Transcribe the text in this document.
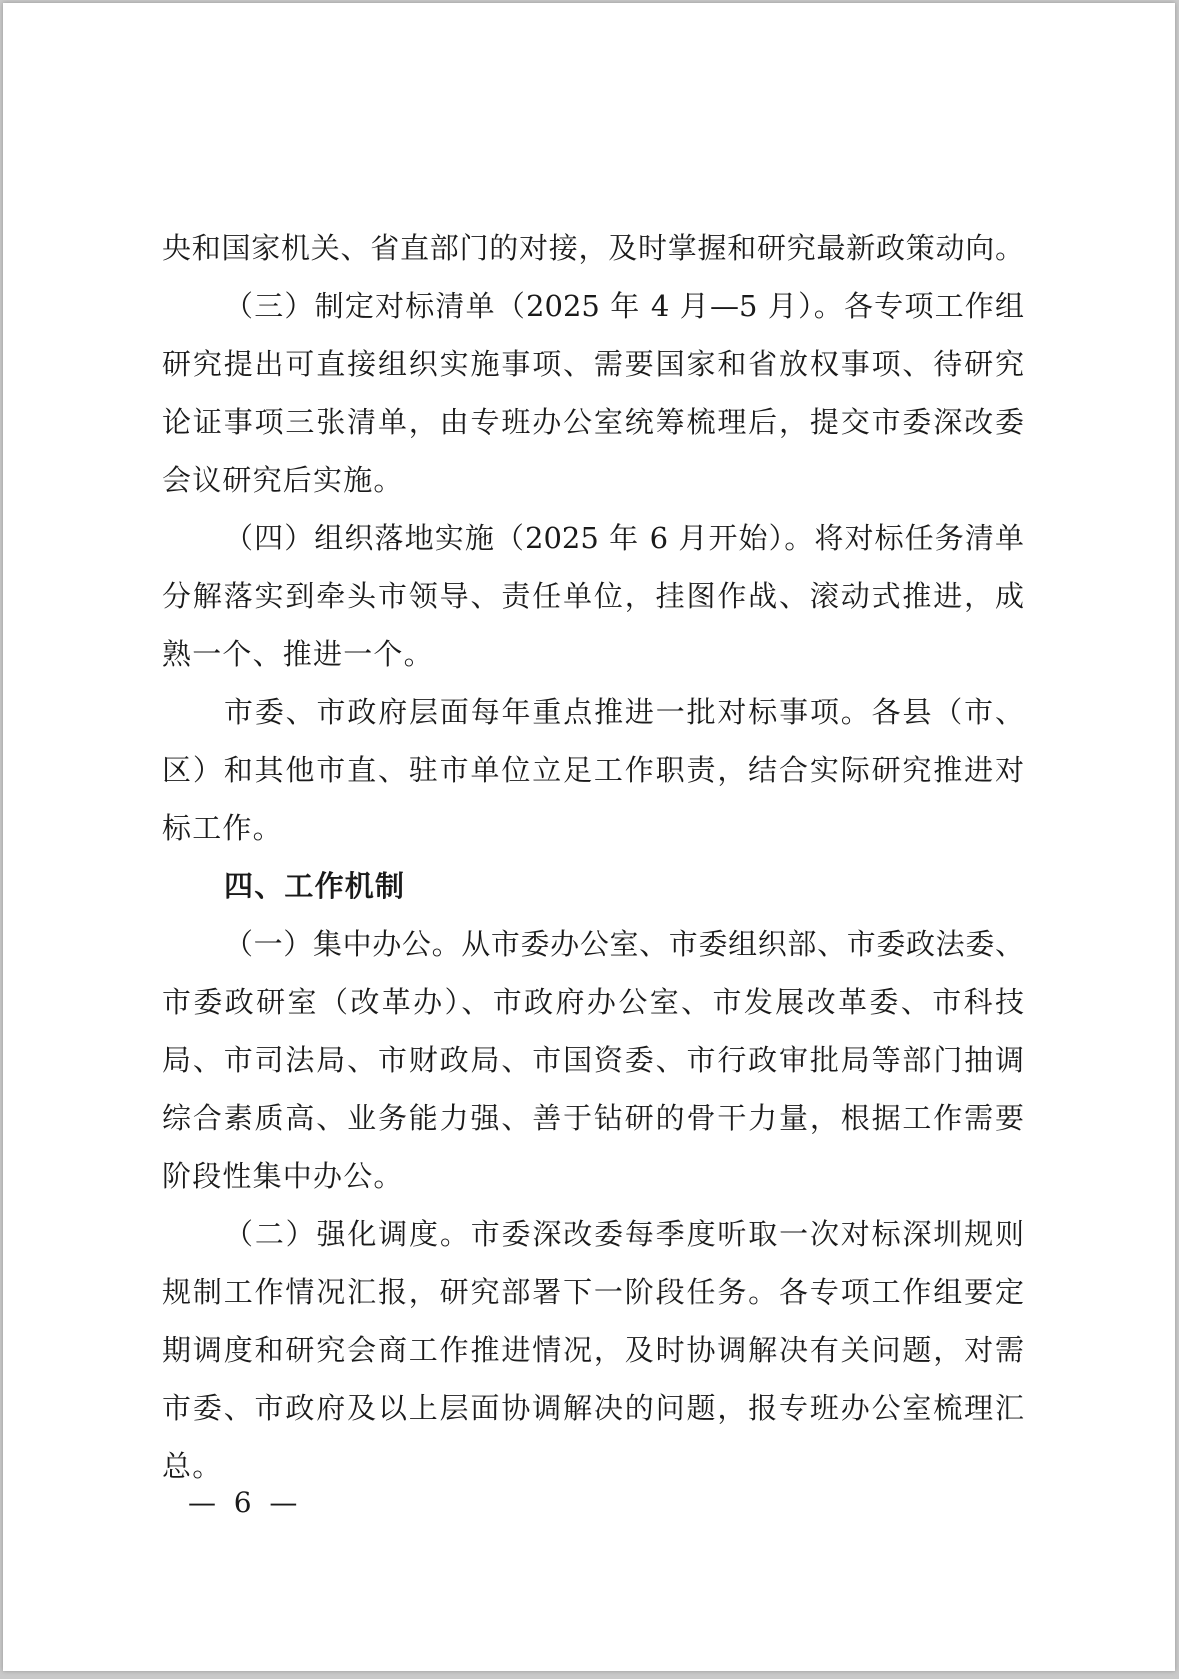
央和国家机关、省直部门的对接，及时掌握和研究最新政策动向。
（三）制定对标清单（2025 年 4 月—5 月）。各专项工作组
研究提出可直接组织实施事项、需要国家和省放权事项、待研究
论证事项三张清单，由专班办公室统筹梳理后，提交市委深改委
会议研究后实施。
（四）组织落地实施（2025 年 6 月开始）。将对标任务清单
分解落实到牵头市领导、责任单位，挂图作战、滚动式推进，成
熟一个、推进一个。
市委、市政府层面每年重点推进一批对标事项。各县（市、
区）和其他市直、驻市单位立足工作职责，结合实际研究推进对
标工作。
四、工作机制
（一）集中办公。从市委办公室、市委组织部、市委政法委、
市委政研室（改革办）、市政府办公室、市发展改革委、市科技
局、市司法局、市财政局、市国资委、市行政审批局等部门抽调
综合素质高、业务能力强、善于钻研的骨干力量，根据工作需要
阶段性集中办公。
（二）强化调度。市委深改委每季度听取一次对标深圳规则
规制工作情况汇报，研究部署下一阶段任务。各专项工作组要定
期调度和研究会商工作推进情况，及时协调解决有关问题，对需
市委、市政府及以上层面协调解决的问题，报专班办公室梳理汇
总。
—  6  —
